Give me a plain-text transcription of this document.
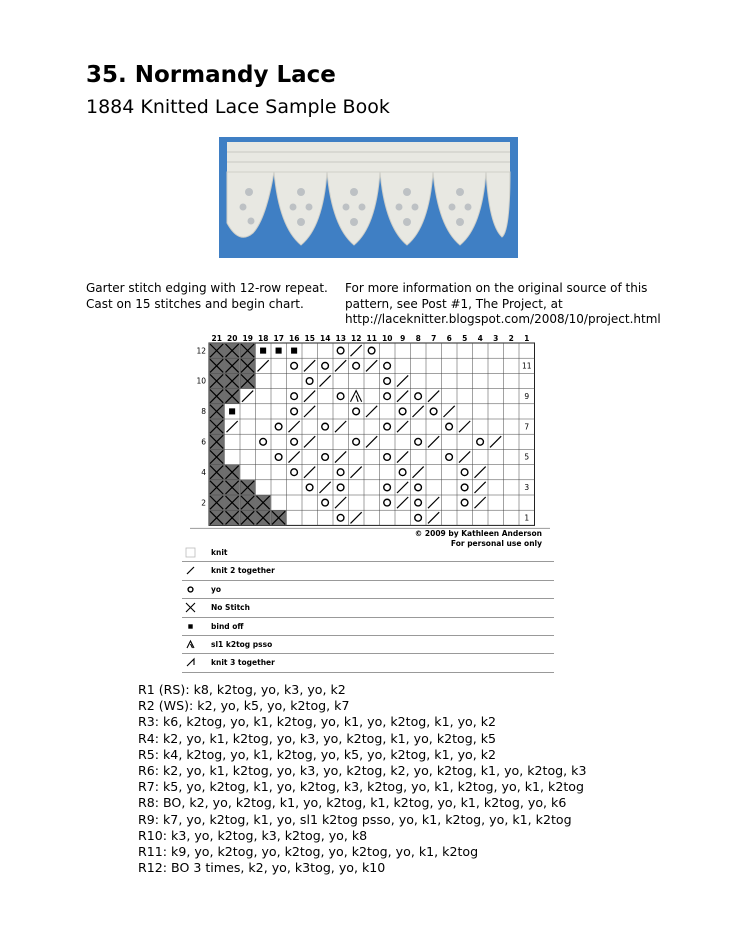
35. Normandy Lace
1884 Knitted Lace Sample Book
Garter stitch edging with 12-row repeat.
Cast on 15 stitches and begin chart.
For more information on the original source of this
pattern, see Post #1, The Project, at
http://laceknitter.blogspot.com/2008/10/project.html
21 20 19 18 17 16 15 14 13 12 11 10 9 8 7 6 5 4 3 2 1
12
10
8
6
4
2
11
9
7
5
3
1
© 2009 by Kathleen Anderson
For personal use only
knit
knit 2 together
yo
No Stitch
bind off
sl1 k2tog psso
knit 3 together
R1 (RS): k8, k2tog, yo, k3, yo, k2
R2 (WS): k2, yo, k5, yo, k2tog, k7
R3: k6, k2tog, yo, k1, k2tog, yo, k1, yo, k2tog, k1, yo, k2
R4: k2, yo, k1, k2tog, yo, k3, yo, k2tog, k1, yo, k2tog, k5
R5: k4, k2tog, yo, k1, k2tog, yo, k5, yo, k2tog, k1, yo, k2
R6: k2, yo, k1, k2tog, yo, k3, yo, k2tog, k2, yo, k2tog, k1, yo, k2tog, k3
R7: k5, yo, k2tog, k1, yo, k2tog, k3, k2tog, yo, k1, k2tog, yo, k1, k2tog
R8: BO, k2, yo, k2tog, k1, yo, k2tog, k1, k2tog, yo, k1, k2tog, yo, k6
R9: k7, yo, k2tog, k1, yo, sl1 k2tog psso, yo, k1, k2tog, yo, k1, k2tog
R10: k3, yo, k2tog, k3, k2tog, yo, k8
R11: k9, yo, k2tog, yo, k2tog, yo, k2tog, yo, k1, k2tog
R12: BO 3 times, k2, yo, k3tog, yo, k10
